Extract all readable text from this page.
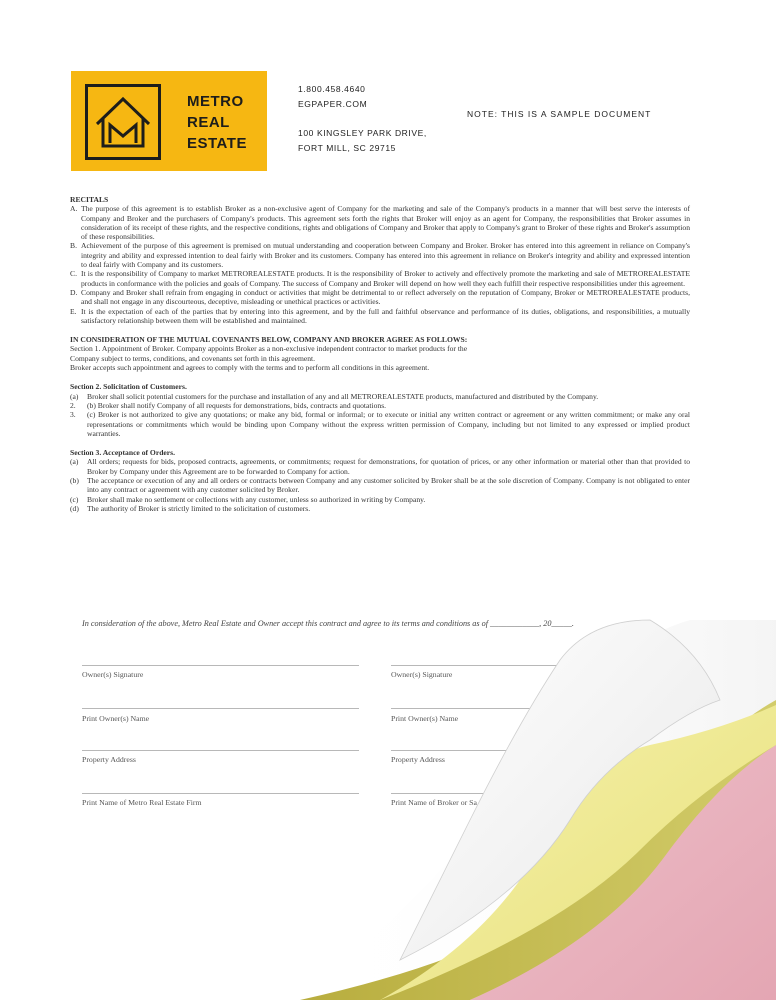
METRO
REAL
ESTATE
1.800.458.4640
EGPAPER.COM
100 KINGSLEY PARK DRIVE,
FORT MILL, SC 29715
NOTE: THIS IS A SAMPLE DOCUMENT

RECITALS

A. The purpose of this agreement is to establish Broker as a non-exclusive agent of Company for the marketing and sale of the Company's products in a manner that will best serve the interests of Company and Broker and the purchasers of Company's products. This agreement sets forth the rights that Broker will enjoy as an agent for Company, the responsibilities that Broker assumes in consideration of its receipt of these rights, and the respective conditions, rights and obligations of Company and Broker that apply to Company's grant to Broker of these rights and Broker's assumption of these responsibilities.
B. Achievement of the purpose of this agreement is premised on mutual understanding and cooperation between Company and Broker. Broker has entered into this agreement in reliance on Company's integrity and ability and expressed intention to deal fairly with Broker and its customers. Company has entered into this agreement in reliance on Broker's integrity and ability and expressed intention to deal fairly with Company and its customers.
C. It is the responsibility of Company to market METROREALESTATE products. It is the responsibility of Broker to actively and effectively promote the marketing and sale of METROREALESTATE products in conformance with the policies and goals of Company. The success of Company and Broker will depend on how well they each fulfill their respective responsibilities under this agreement.
D. Company and Broker shall refrain from engaging in conduct or activities that might be detrimental to or reflect adversely on the reputation of Company, Broker or METROREALESTATE products, and shall not engage in any discourteous, deceptive, misleading or unethical practices or activities.
E. It is the expectation of each of the parties that by entering into this agreement, and by the full and faithful observance and performance of its duties, obligations, and responsibilities, a mutually satisfactory relationship between them will be established and maintained.

IN CONSIDERATION OF THE MUTUAL COVENANTS BELOW, COMPANY AND BROKER AGREE AS FOLLOWS:

Section 1. Appointment of Broker. Company appoints Broker as a non-exclusive independent contractor to market products for the

Company subject to terms, conditions, and covenants set forth in this agreement.

Broker accepts such appointment and agrees to comply with the terms and to perform all conditions in this agreement.

Section 2. Solicitation of Customers.

(a)	Broker shall solicit potential customers for the purchase and installation of any and all METROREALESTATE products, manufactured and distributed by the Company.
2.	(b) Broker shall notify Company of all requests for demonstrations, bids, contracts and quotations.
3.	(c) Broker is not authorized to give any quotations; or make any bid, formal or informal; or to execute or initial any written contract or agreement or any written commitment; or make any oral representations or commitments which would be binding upon Company without the express written permission of Company, including but not limited to any expressed or implied product warranties.

Section 3. Acceptance of Orders.

(a)	All orders; requests for bids, proposed contracts, agreements, or commitments; request for demonstrations, for quotation of prices, or any other information or material other than that provided to Broker by Company under this Agreement are to be forwarded to Company for action.
(b)	The acceptance or execution of any and all orders or contracts between Company and any customer solicited by Broker shall be at the sole discretion of Company. Company is not obligated to enter into any contract or agreement with any customer solicited by Broker.
(c)	Broker shall make no settlement or collections with any customer, unless so authorized in writing by Company.
(d)	The authority of Broker is strictly limited to the solicitation of customers.
In consideration of the above, Metro Real Estate and Owner accept this contract and agree to its terms and conditions as of ____________, 20_____.
Owner(s) Signature
Print Owner(s) Name
Property Address
Print Name of Metro Real Estate Firm
Owner(s) Signature
Print Owner(s) Name
Property Address
Print Name of Broker or Sa
